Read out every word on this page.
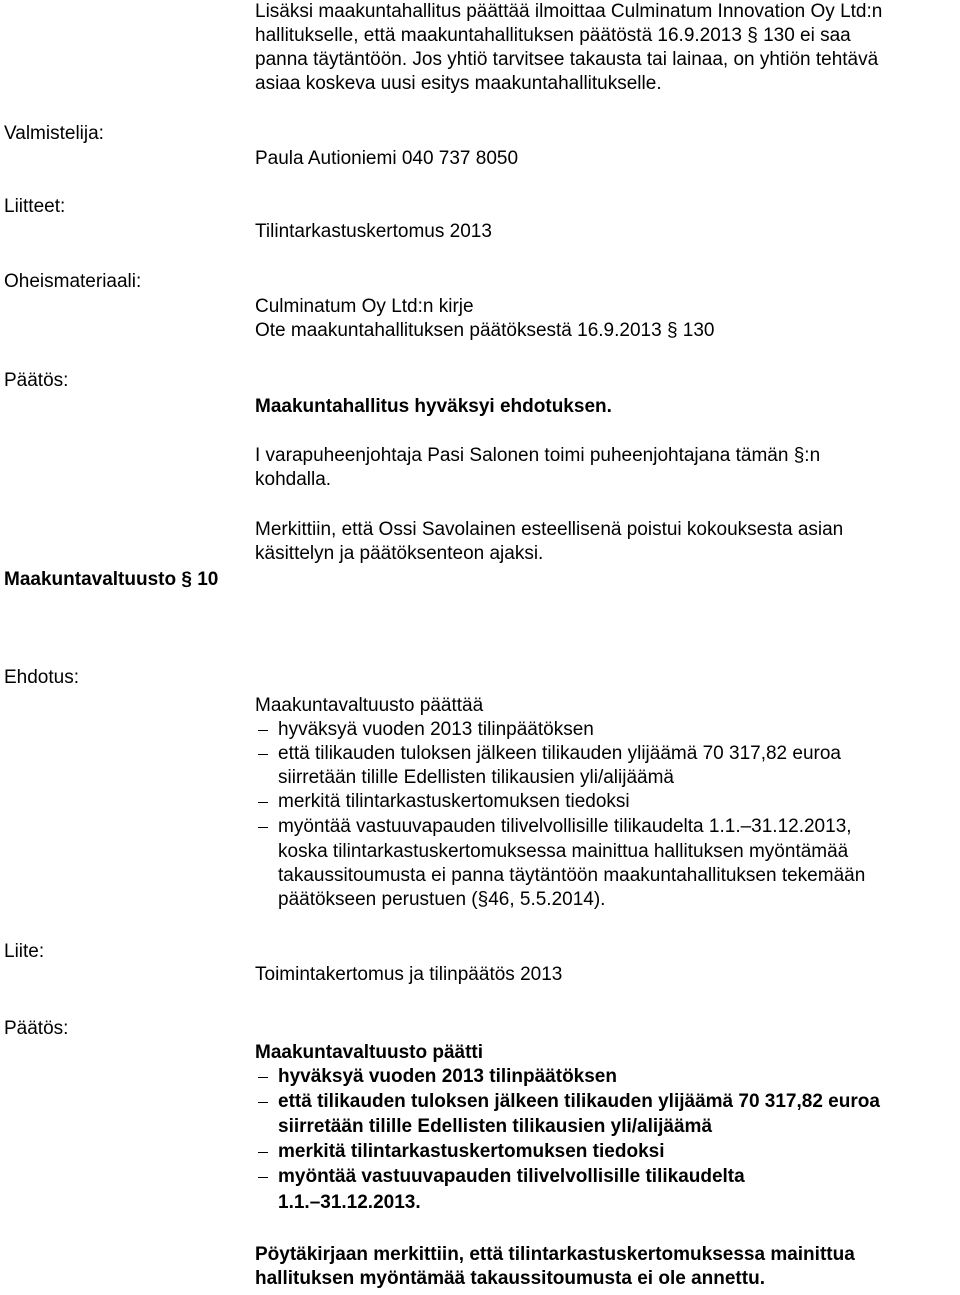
Lisäksi maakuntahallitus päättää ilmoittaa Culminatum Innovation Oy Ltd:n
hallitukselle, että maakuntahallituksen päätöstä 16.9.2013 § 130 ei saa
panna täytäntöön. Jos yhtiö tarvitsee takausta tai lainaa, on yhtiön tehtävä
asiaa koskeva uusi esitys maakuntahallitukselle.
Valmistelija:
Liitteet:
Oheismateriaali:
Päätös:
Maakuntavaltuusto § 10
Paula Autioniemi 040 737 8050
Tilintarkastuskertomus 2013
Culminatum Oy Ltd:n kirje
Ote maakuntahallituksen päätöksestä 16.9.2013 § 130
Maakuntahallitus hyväksyi ehdotuksen.
I varapuheenjohtaja Pasi Salonen toimi puheenjohtajana tämän §:n
kohdalla.
Merkittiin, että Ossi Savolainen esteellisenä poistui kokouksesta asian
käsittelyn ja päätöksenteon ajaksi.
Ehdotus:
Maakuntavaltuusto päättää
hyväksyä vuoden 2013 tilinpäätöksen
että tilikauden tuloksen jälkeen tilikauden ylijäämä 70 317,82 euroa
siirretään tilille Edellisten tilikausien yli/alijäämä
merkitä tilintarkastuskertomuksen tiedoksi
myöntää vastuuvapauden tilivelvollisille tilikaudelta 1.1.–31.12.2013,
koska tilintarkastuskertomuksessa mainittua hallituksen myöntämää
takaussitoumusta ei panna täytäntöön maakuntahallituksen tekemään
päätökseen perustuen (§46, 5.5.2014).
Liite:
Toimintakertomus ja tilinpäätös 2013
Päätös:
Maakuntavaltuusto päätti
hyväksyä vuoden 2013 tilinpäätöksen
että tilikauden tuloksen jälkeen tilikauden ylijäämä 70 317,82 euroa
siirretään tilille Edellisten tilikausien yli/alijäämä
merkitä tilintarkastuskertomuksen tiedoksi
myöntää vastuuvapauden tilivelvollisille tilikaudelta
1.1.–31.12.2013.
Pöytäkirjaan merkittiin, että tilintarkastuskertomuksessa mainittua
hallituksen myöntämää takaussitoumusta ei ole annettu.
